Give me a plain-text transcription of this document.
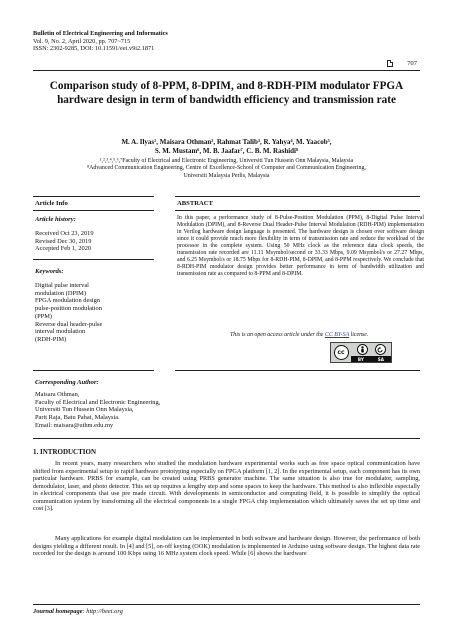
Bulletin of Electrical Engineering and Informatics
Vol. 9, No. 2, April 2020, pp. 707~715
ISSN: 2302-9285, DOI: 10.11591/eei.v9i2.1871
707
Comparison study of 8-PPM, 8-DPIM, and 8-RDH-PIM modulator FPGA hardware design in term of bandwidth efficiency and transmission rate
M. A. Ilyas¹, Maisara Othman², Rahmat Talib³, R. Yahya⁴, M. Yaacob⁵,
S. M. Mustam⁶, M. B. Jaafar⁷, C. B. M. Rashidi⁸
¹,²,³,⁴,⁵,⁶,⁷Faculty of Electrical and Electronic Engineering, Universiti Tun Hussein Onn Malaysia, Malaysia
⁸Advanced Communication Engineering, Centre of Excellence-School of Computer and Communication Engineering,
Universiti Malaysia Perlis, Malaysia
Article Info	ABSTRACT
Article history:
Received Oct 23, 2019
Revised Dec 30, 2019
Accepted Feb 1, 2020
Keywords:
Digital pulse interval
modulation (DPIM)
FPGA modulation design
pulse-position modulation
(PPM)
Reverse dual header-pulse
interval modulation
(RDH-PIM)
In this paper, a performance study of 8-Pulse-Position Modulation (PPM), 8-Digital Pulse Interval Modulation (DPIM), and 8-Reverse Dual Header-Pulse Interval Modulation (RDH-PIM) implementation in Verilog hardware design language is presented. The hardware design is chosen over software design since it could provide much more flexibility in term of transmission rate and reduce the workload of the processor in the complete system. Using 50 MHz clock as the reference data clock speeds, the transmission rate recorded are 11.11 Msymbol/second or 33.33 Mbps, 9.09 Msymbol/s or 27.27 Mbps, and 6.25 Msymbol/s or 18.75 Mbps for 8-RDH-PIM, 8-DPIM, and 8-PPM respectively. We conclude that 8-RDH-PIM modulator design provides better performance in term of bandwidth utilization and transmission rate as compared to 8-PPM and 8-DPIM.
This is an open access article under the CC BY-SA license.
cc
BY	SA
Corresponding Author:
Maisara Othman,
Faculty of Electrical and Electronic Engineering,
Universiti Tun Hussein Onn Malaysia,
Parit Raja, Batu Pahat, Malaysia.
Email: maisara@uthm.edu.my
1. INTRODUCTION
In recent years, many researchers who studied the modulation hardware experimental works such as free space optical communication have shifted from experimental setup to rapid hardware prototyping especially on FPGA platform [1, 2]. In the experimental setup, each component has its own particular hardware. PRBS for example, can be created using PRBS generator machine. The same situation is also true for modulator, sampling, demodulator, laser, and photo detector. This set up requires a lengthy step and some spaces to keep the hardware. This method is also inflexible especially in electrical components that use pre made circuit. With developments in semiconductor and computing field, it is possible to simplify the optical communication system by transforming all the electrical components in a single FPGA chip implementation which ultimately saves the set up time and cost [3].
Many applications for example digital modulation can be implemented in both software and hardware design. However, the performance of both designs yielding a different result. In [4] and [5], on-off keying (OOK) modulation is implemented in Arduino using software design. The highest data rate recorded for the design is around 100 Kbps using 16 MHz system clock speed. While [6] shows the hardware
Journal homepage: http://beei.org
